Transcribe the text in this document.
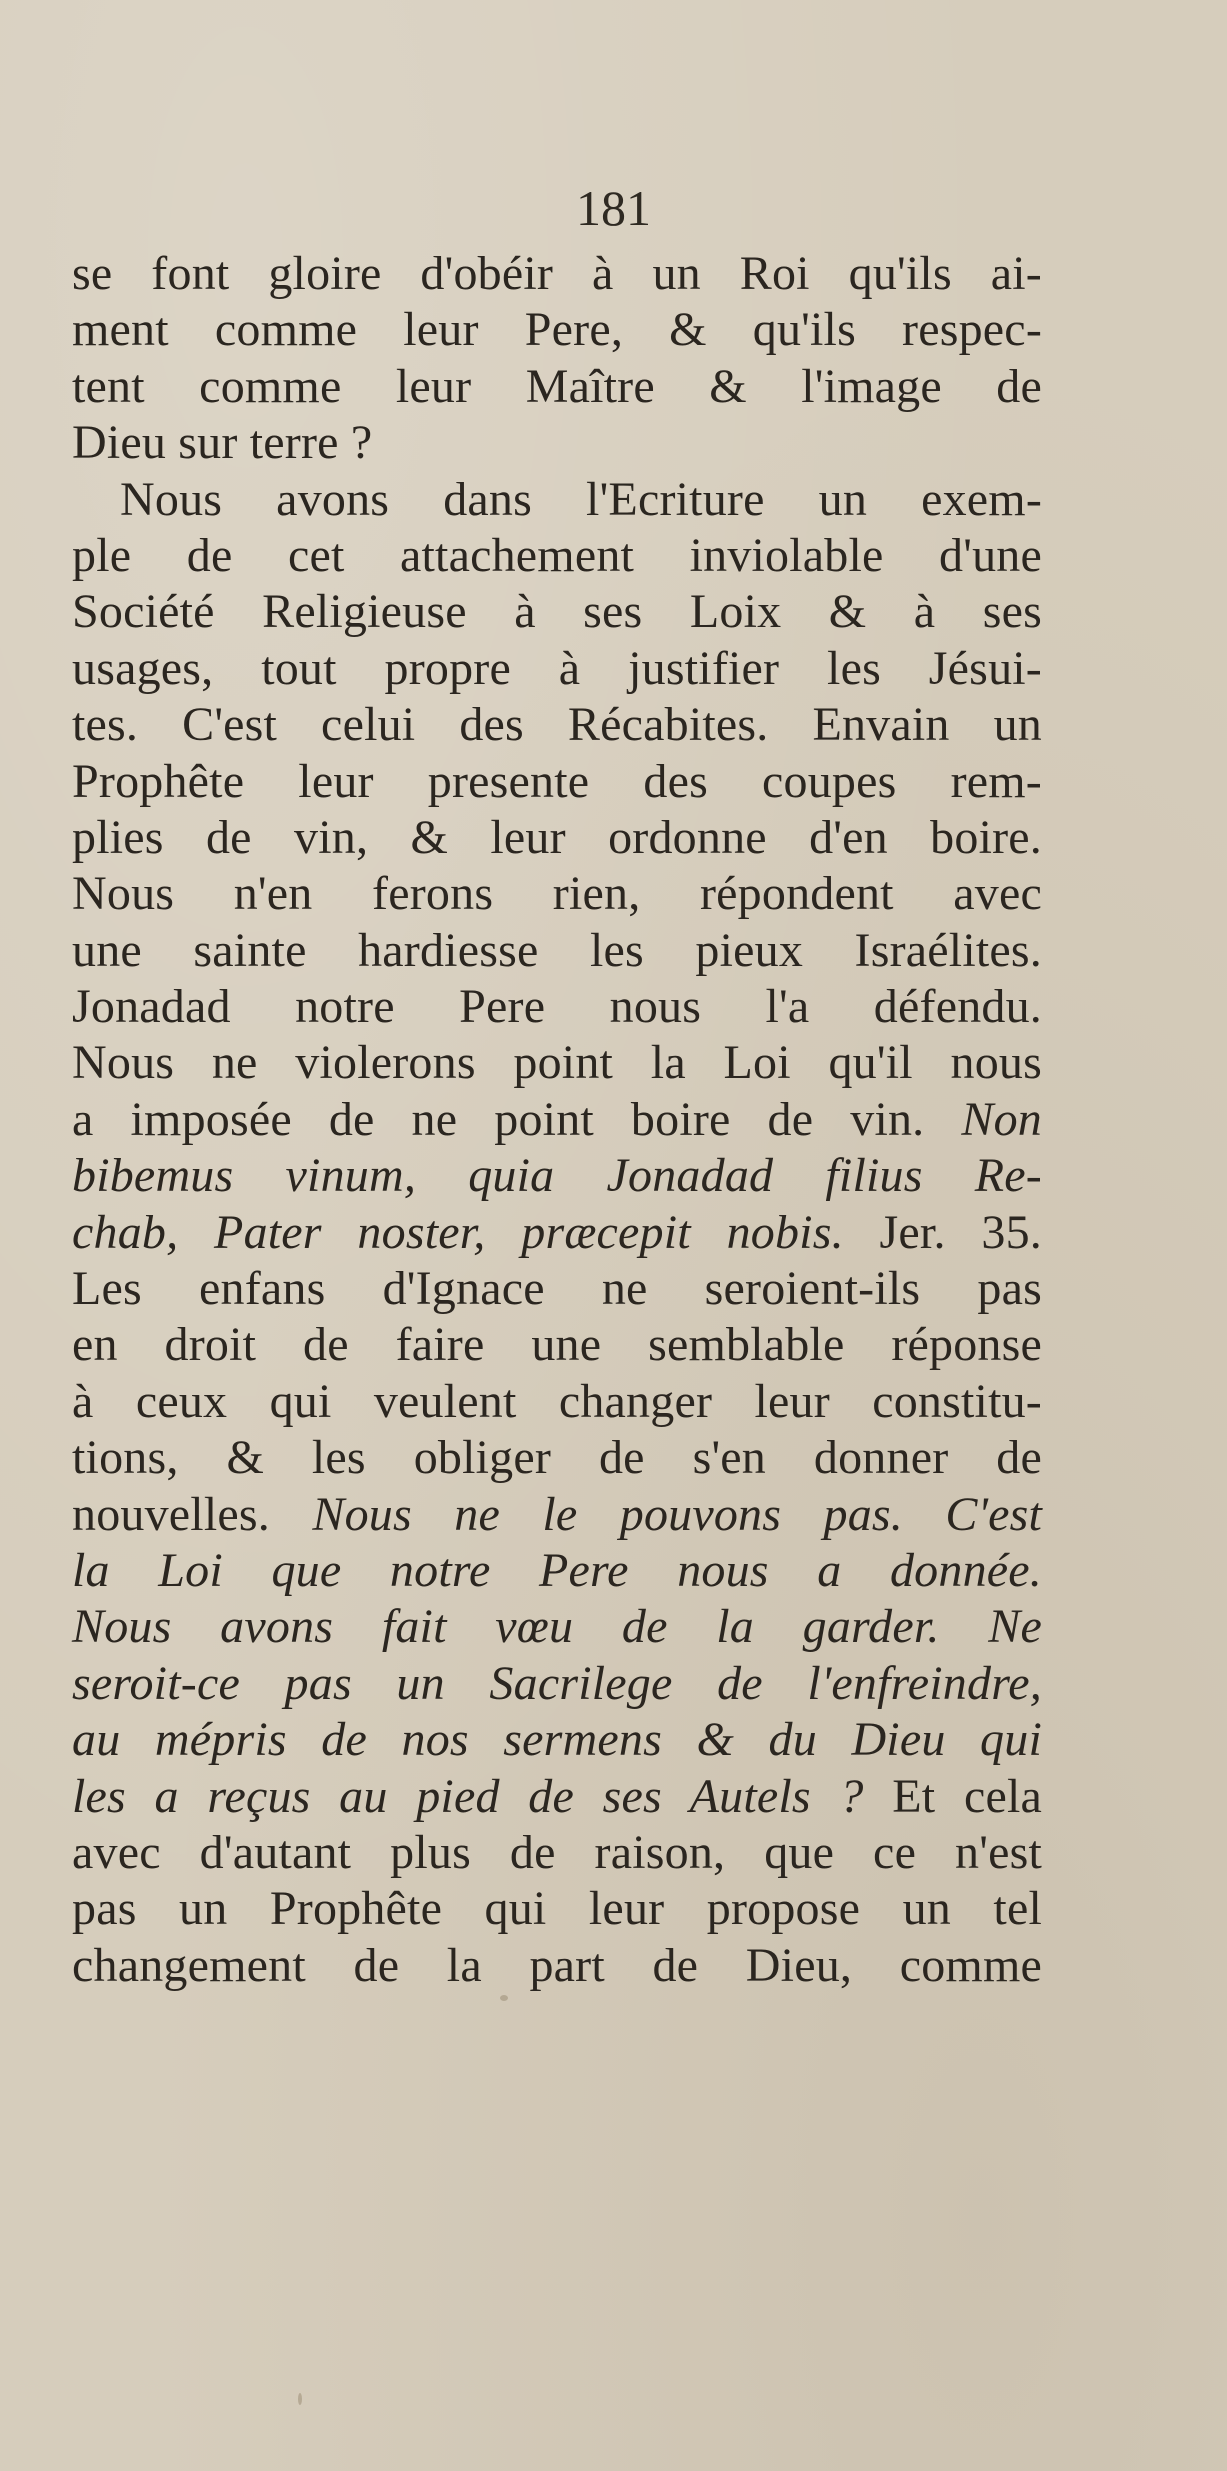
181
se font gloire d'obéir à un Roi qu'ils ai-
ment comme leur Pere, & qu'ils respec-
tent comme leur Maître & l'image de
Dieu sur terre ?
Nous avons dans l'Ecriture un exem-
ple de cet attachement inviolable d'une
Société Religieuse à ses Loix & à ses
usages, tout propre à justifier les Jésui-
tes. C'est celui des Récabites. Envain un
Prophête leur presente des coupes rem-
plies de vin, & leur ordonne d'en boire.
Nous n'en ferons rien, répondent avec
une sainte hardiesse les pieux Israélites.
Jonadad notre Pere nous l'a défendu.
Nous ne violerons point la Loi qu'il nous
a imposée de ne point boire de vin. Non
bibemus vinum, quia Jonadad filius Re-
chab, Pater noster, præcepit nobis. Jer. 35.
Les enfans d'Ignace ne seroient-ils pas
en droit de faire une semblable réponse
à ceux qui veulent changer leur constitu-
tions, & les obliger de s'en donner de
nouvelles. Nous ne le pouvons pas. C'est
la Loi que notre Pere nous a donnée.
Nous avons fait vœu de la garder. Ne
seroit-ce pas un Sacrilege de l'enfreindre,
au mépris de nos sermens & du Dieu qui
les a reçus au pied de ses Autels ? Et cela
avec d'autant plus de raison, que ce n'est
pas un Prophête qui leur propose un tel
changement de la part de Dieu, comme
